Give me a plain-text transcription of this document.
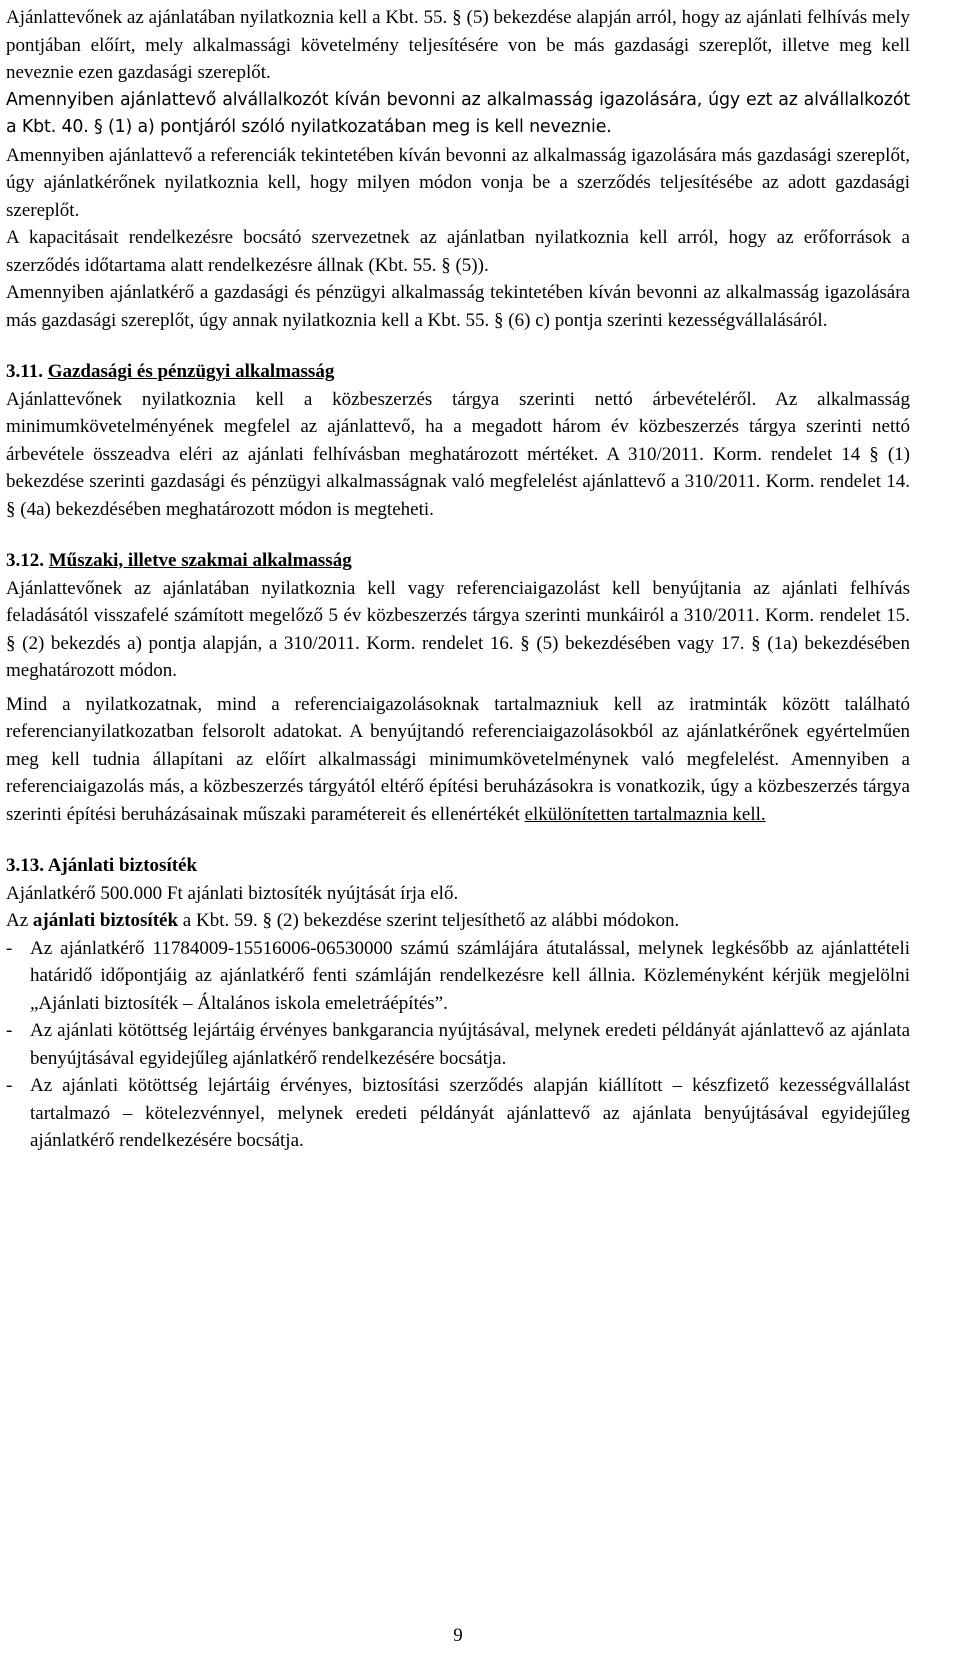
Ajánlattevőnek az ajánlatában nyilatkoznia kell a Kbt. 55. § (5) bekezdése alapján arról, hogy az ajánlati felhívás mely pontjában előírt, mely alkalmassági követelmény teljesítésére von be más gazdasági szereplőt, illetve meg kell neveznie ezen gazdasági szereplőt.

Amennyiben ajánlattevő alvállalkozót kíván bevonni az alkalmasság igazolására, úgy ezt az alvállalkozót a Kbt. 40. § (1) a) pontjáról szóló nyilatkozatában meg is kell neveznie.

Amennyiben ajánlattevő a referenciák tekintetében kíván bevonni az alkalmasság igazolására más gazdasági szereplőt, úgy ajánlatkérőnek nyilatkoznia kell, hogy milyen módon vonja be a szerződés teljesítésébe az adott gazdasági szereplőt.

A kapacitásait rendelkezésre bocsátó szervezetnek az ajánlatban nyilatkoznia kell arról, hogy az erőforrások a szerződés időtartama alatt rendelkezésre állnak (Kbt. 55. § (5)).

Amennyiben ajánlatkérő a gazdasági és pénzügyi alkalmasság tekintetében kíván bevonni az alkalmasság igazolására más gazdasági szereplőt, úgy annak nyilatkoznia kell a Kbt. 55. § (6) c) pontja szerinti kezességvállalásáról.

3.11. Gazdasági és pénzügyi alkalmasság

Ajánlattevőnek nyilatkoznia kell a közbeszerzés tárgya szerinti nettó árbevételéről. Az alkalmasság minimumkövetelményének megfelel az ajánlattevő, ha a megadott három év közbeszerzés tárgya szerinti nettó árbevétele összeadva eléri az ajánlati felhívásban meghatározott mértéket. A 310/2011. Korm. rendelet 14 § (1) bekezdése szerinti gazdasági és pénzügyi alkalmasságnak való megfelelést ajánlattevő a 310/2011. Korm. rendelet 14. § (4a) bekezdésében meghatározott módon is megteheti.

3.12. Műszaki, illetve szakmai alkalmasság

Ajánlattevőnek az ajánlatában nyilatkoznia kell vagy referenciaigazolást kell benyújtania az ajánlati felhívás feladásától visszafelé számított megelőző 5 év közbeszerzés tárgya szerinti munkáiról a 310/2011. Korm. rendelet 15. § (2) bekezdés a) pontja alapján, a 310/2011. Korm. rendelet 16. § (5) bekezdésében vagy 17. § (1a) bekezdésében meghatározott módon.

Mind a nyilatkozatnak, mind a referenciaigazolásoknak tartalmazniuk kell az iratminták között található referencianyilatkozatban felsorolt adatokat. A benyújtandó referenciaigazolásokból az ajánlatkérőnek egyértelműen meg kell tudnia állapítani az előírt alkalmassági minimumkövetelménynek való megfelelést. Amennyiben a referenciaigazolás más, a közbeszerzés tárgyától eltérő építési beruházásokra is vonatkozik, úgy a közbeszerzés tárgya szerinti építési beruházásainak műszaki paramétereit és ellenértékét elkülönítetten tartalmaznia kell.

3.13. Ajánlati biztosíték

Ajánlatkérő 500.000 Ft ajánlati biztosíték nyújtását írja elő.

Az ajánlati biztosíték a Kbt. 59. § (2) bekezdése szerint teljesíthető az alábbi módokon.

- Az ajánlatkérő 11784009-15516006-06530000 számú számlájára átutalással, melynek legkésőbb az ajánlattételi határidő időpontjáig az ajánlatkérő fenti számláján rendelkezésre kell állnia. Közleményként kérjük megjelölni „Ajánlati biztosíték – Általános iskola emeletráépítés”.
- Az ajánlati kötöttség lejártáig érvényes bankgarancia nyújtásával, melynek eredeti példányát ajánlattevő az ajánlata benyújtásával egyidejűleg ajánlatkérő rendelkezésére bocsátja.
- Az ajánlati kötöttség lejártáig érvényes, biztosítási szerződés alapján kiállított – készfizető kezességvállalást tartalmazó – kötelezvénnyel, melynek eredeti példányát ajánlattevő az ajánlata benyújtásával egyidejűleg ajánlatkérő rendelkezésére bocsátja.
9
